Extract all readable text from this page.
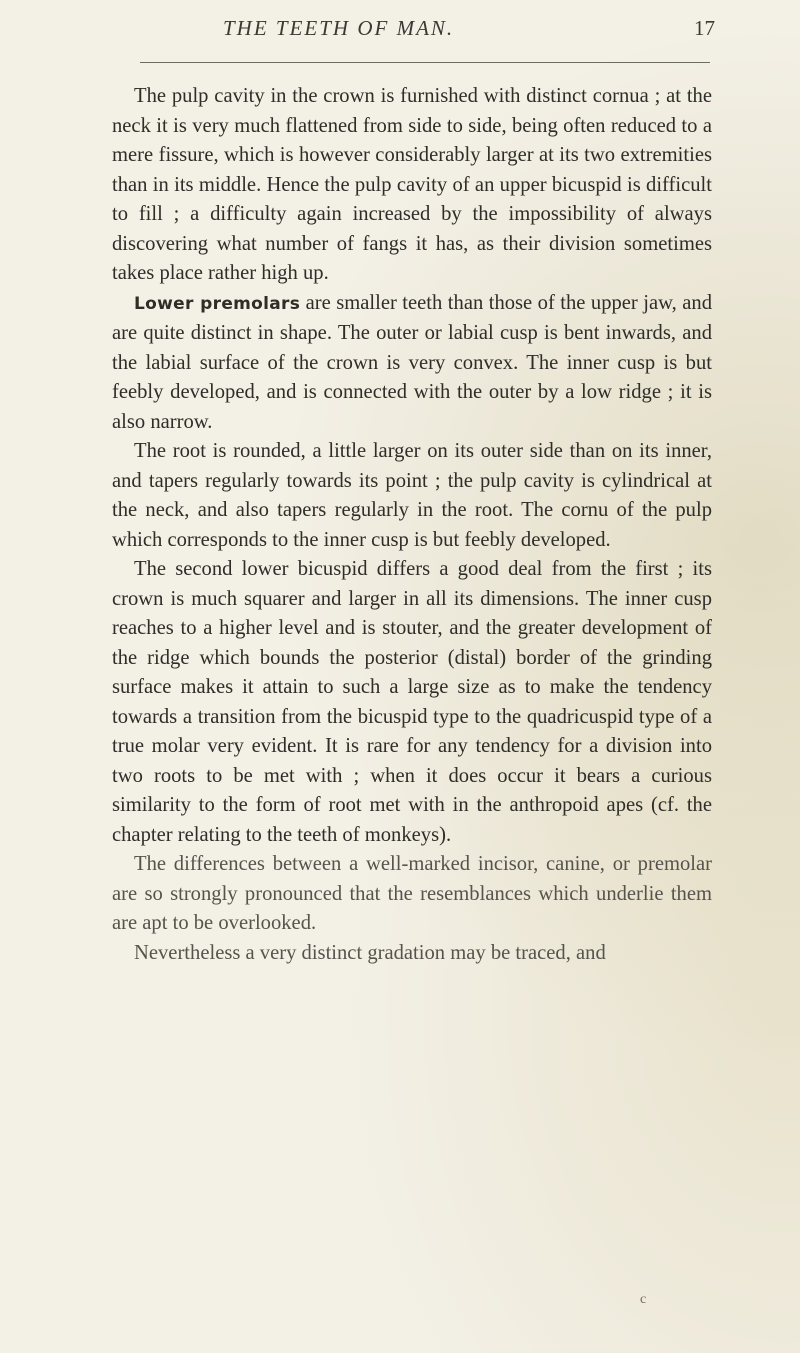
THE TEETH OF MAN.	17

The pulp cavity in the crown is furnished with distinct cornua ; at the neck it is very much flattened from side to side, being often reduced to a mere fissure, which is however considerably larger at its two extremities than in its middle. Hence the pulp cavity of an upper bicuspid is difficult to fill ; a difficulty again increased by the impossibility of always discovering what number of fangs it has, as their division sometimes takes place rather high up.

Lower premolars are smaller teeth than those of the upper jaw, and are quite distinct in shape. The outer or labial cusp is bent inwards, and the labial surface of the crown is very convex. The inner cusp is but feebly developed, and is connected with the outer by a low ridge ; it is also narrow.

The root is rounded, a little larger on its outer side than on its inner, and tapers regularly towards its point ; the pulp cavity is cylindrical at the neck, and also tapers regularly in the root. The cornu of the pulp which corresponds to the inner cusp is but feebly developed.

The second lower bicuspid differs a good deal from the first ; its crown is much squarer and larger in all its dimensions. The inner cusp reaches to a higher level and is stouter, and the greater development of the ridge which bounds the posterior (distal) border of the grinding surface makes it attain to such a large size as to make the tendency towards a transition from the bicuspid type to the quadricuspid type of a true molar very evident. It is rare for any tendency for a division into two roots to be met with ; when it does occur it bears a curious similarity to the form of root met with in the anthropoid apes (cf. the chapter relating to the teeth of monkeys).

The differences between a well-marked incisor, canine, or premolar are so strongly pronounced that the resemblances which underlie them are apt to be overlooked.

Nevertheless a very distinct gradation may be traced, and

c
